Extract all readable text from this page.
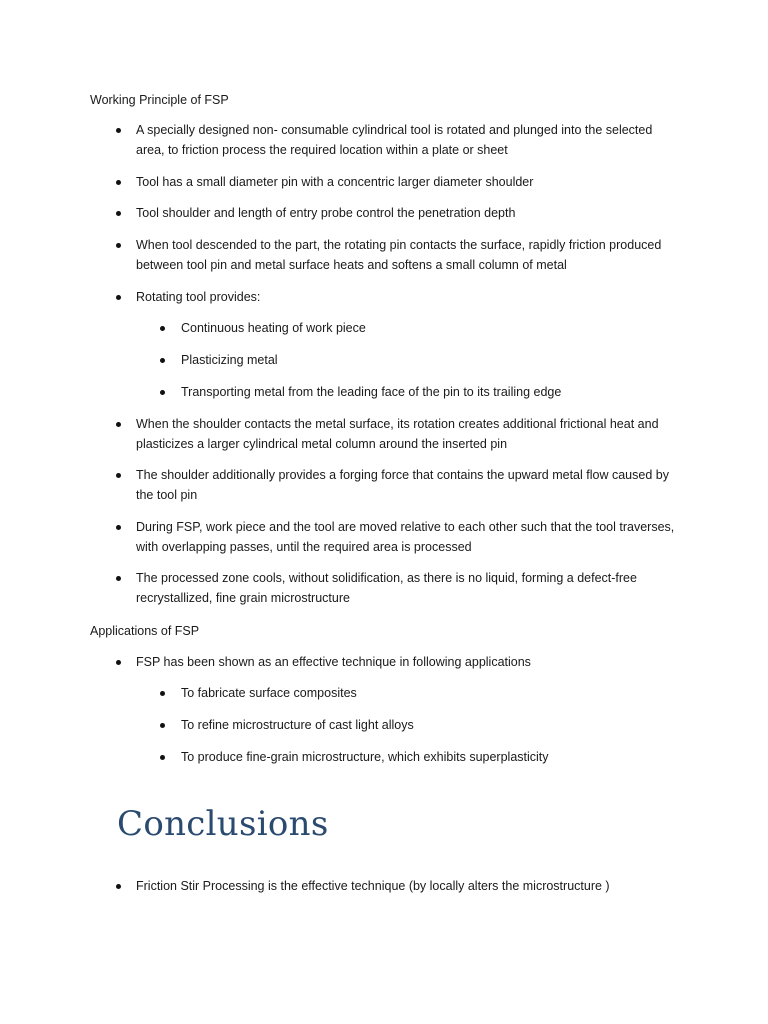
Working Principle of FSP
A specially designed non- consumable cylindrical tool is rotated and plunged into the selected area, to friction process the required location within a plate or sheet
Tool has a small diameter pin with a concentric larger diameter shoulder
Tool shoulder and length of entry probe control the penetration depth
When tool descended to the part, the rotating pin contacts the surface, rapidly friction produced between tool pin and metal surface heats and softens a small column of metal
Rotating tool provides:
Continuous heating of work piece
Plasticizing metal
Transporting metal from the leading face of the pin to its trailing edge
When the shoulder contacts the metal surface, its rotation creates additional frictional heat and plasticizes a larger cylindrical metal column around the inserted pin
The shoulder additionally provides a forging force that contains the upward metal flow caused by the tool pin
During FSP, work piece and the tool are moved relative to each other such that the tool traverses, with overlapping passes, until the required area is processed
The processed zone cools, without solidification, as there is no liquid, forming a defect-free recrystallized, fine grain microstructure
Applications of FSP
FSP has been shown as an effective technique in following applications
To fabricate surface composites
To refine microstructure of cast light alloys
To produce fine-grain microstructure, which exhibits superplasticity
Conclusions
Friction Stir Processing is the effective technique (by locally alters the microstructure )
